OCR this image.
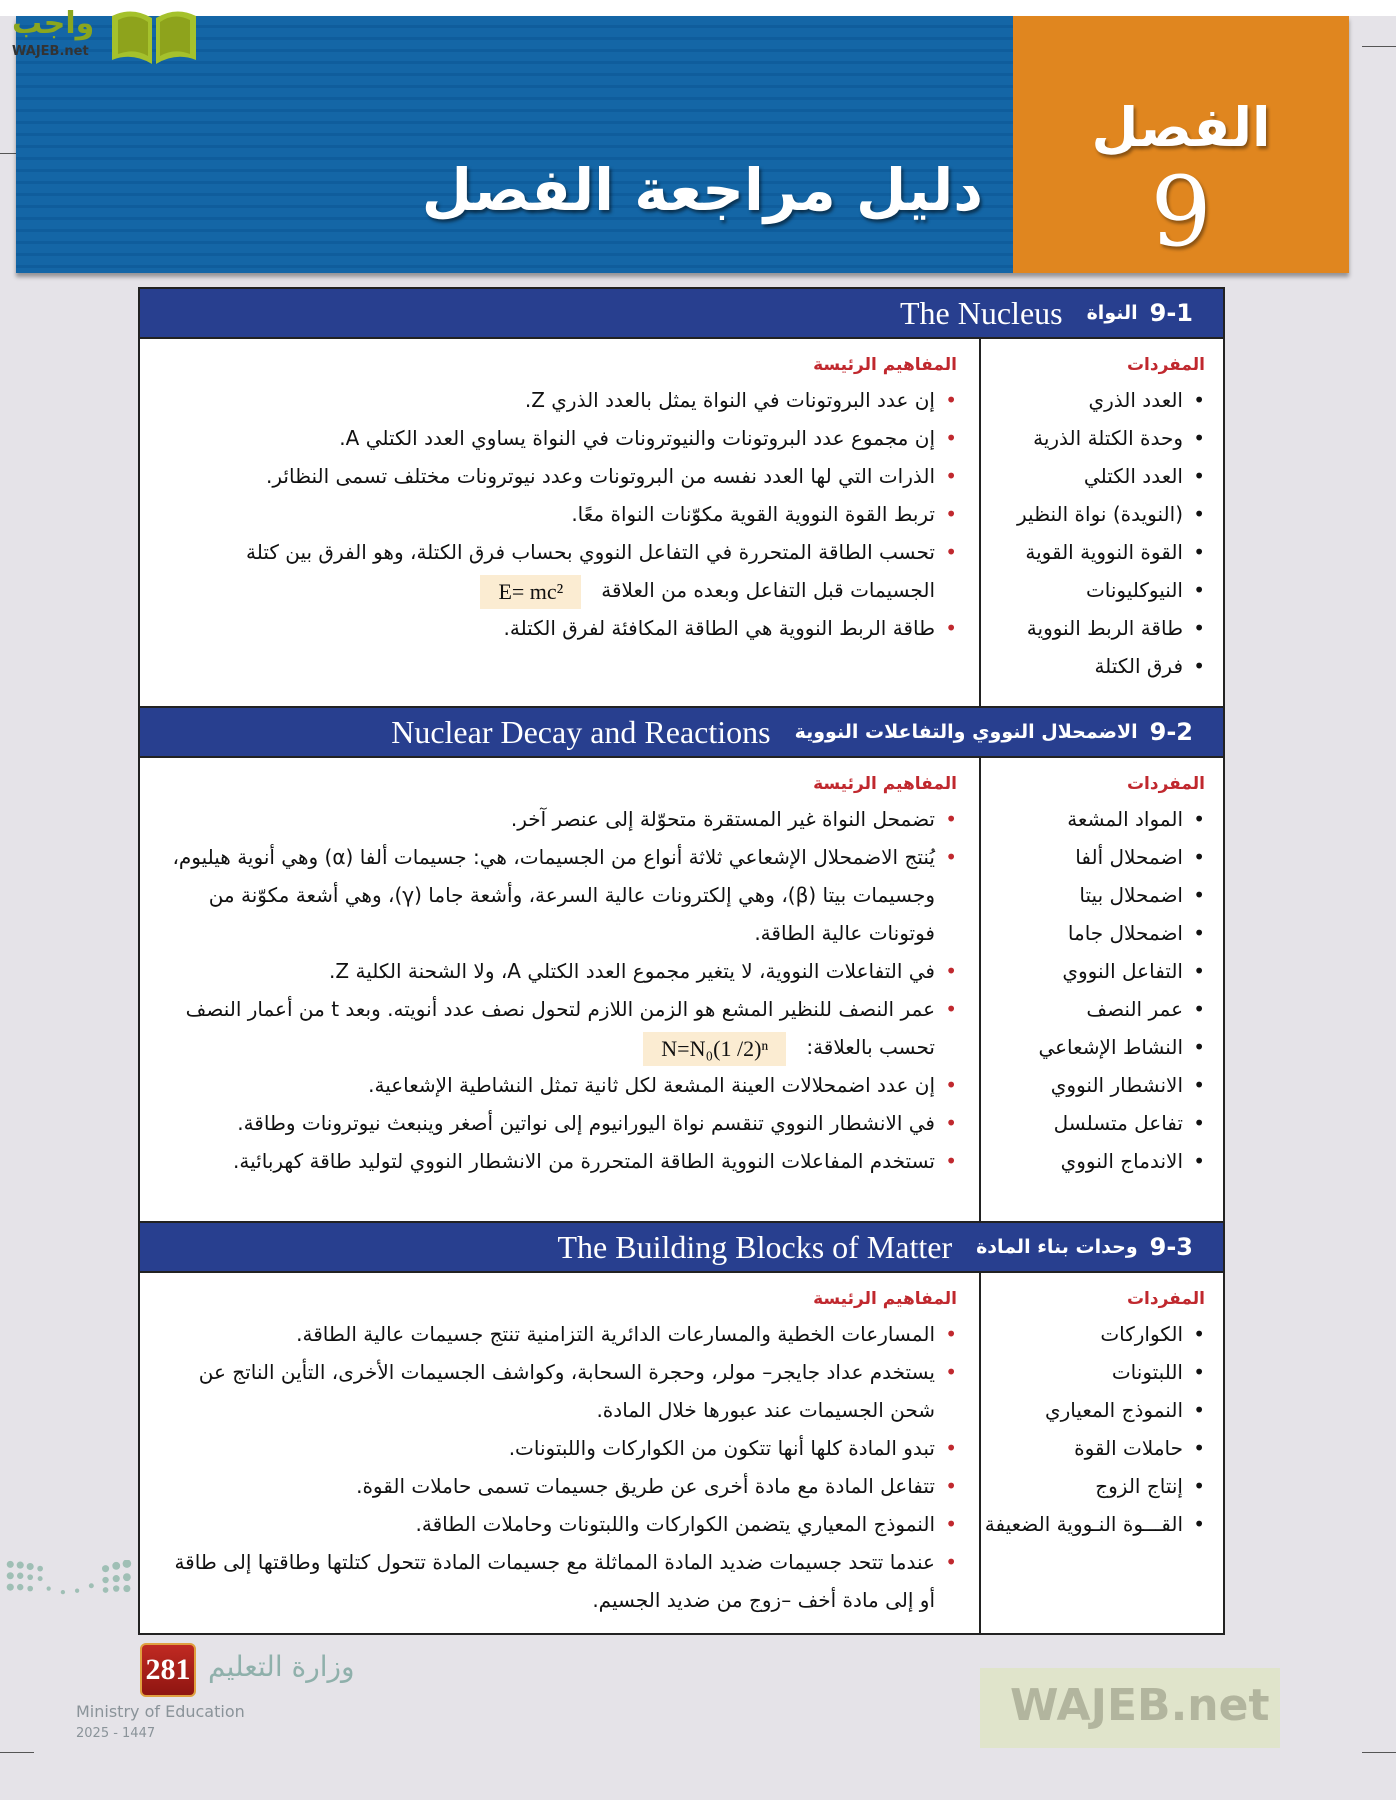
دليل مراجعة الفصل
الفصل
9
واجب
WAJEB.net
9-1
النواة
The Nucleus
المفردات
• العدد الذري
• وحدة الكتلة الذرية
• العدد الكتلي
• (النويدة) نواة النظير
• القوة النووية القوية
• النيوكليونات
• طاقة الربط النووية
• فرق الكتلة
المفاهيم الرئيسة
• إن عدد البروتونات في النواة يمثل بالعدد الذري Z.
• إن مجموع عدد البروتونات والنيوترونات في النواة يساوي العدد الكتلي A.
• الذرات التي لها العدد نفسه من البروتونات وعدد نيوترونات مختلف تسمى النظائر.
• تربط القوة النووية القوية مكوّنات النواة معًا.
• تحسب الطاقة المتحررة في التفاعل النووي بحساب فرق الكتلة، وهو الفرق بين كتلة الجسيمات قبل التفاعل وبعده من العلاقةE= mc²
• طاقة الربط النووية هي الطاقة المكافئة لفرق الكتلة.
9-2
الاضمحلال النووي والتفاعلات النووية
Nuclear Decay and Reactions
المفردات
• المواد المشعة
• اضمحلال ألفا
• اضمحلال بيتا
• اضمحلال جاما
• التفاعل النووي
• عمر النصف
• النشاط الإشعاعي
• الانشطار النووي
• تفاعل متسلسل
• الاندماج النووي
المفاهيم الرئيسة
• تضمحل النواة غير المستقرة متحوّلة إلى عنصر آخر.
• يُنتج الاضمحلال الإشعاعي ثلاثة أنواع من الجسيمات، هي: جسيمات ألفا (α) وهي أنوية هيليوم، وجسيمات بيتا (β)، وهي إلكترونات عالية السرعة، وأشعة جاما (γ)، وهي أشعة مكوّنة من فوتونات عالية الطاقة.
• في التفاعلات النووية، لا يتغير مجموع العدد الكتلي A، ولا الشحنة الكلية Z.
• عمر النصف للنظير المشع هو الزمن اللازم لتحول نصف عدد أنويته. وبعد t من أعمار النصف تحسب بالعلاقة:N=N₀(1 /2)ⁿ
• إن عدد اضمحلالات العينة المشعة لكل ثانية تمثل النشاطية الإشعاعية.
• في الانشطار النووي تنقسم نواة اليورانيوم إلى نواتين أصغر وينبعث نيوترونات وطاقة.
• تستخدم المفاعلات النووية الطاقة المتحررة من الانشطار النووي لتوليد طاقة كهربائية.
9-3
وحدات بناء المادة
The Building Blocks of Matter
المفردات
• الكواركات
• اللبتونات
• النموذج المعياري
• حاملات القوة
• إنتاج الزوج
• القـــوة النـووية الضعيفة
المفاهيم الرئيسة
• المسارعات الخطية والمسارعات الدائرية التزامنية تنتج جسيمات عالية الطاقة.
• يستخدم عداد جايجر– مولر، وحجرة السحابة، وكواشف الجسيمات الأخرى، التأين الناتج عن شحن الجسيمات عند عبورها خلال المادة.
• تبدو المادة كلها أنها تتكون من الكواركات واللبتونات.
• تتفاعل المادة مع مادة أخرى عن طريق جسيمات تسمى حاملات القوة.
• النموذج المعياري يتضمن الكواركات واللبتونات وحاملات الطاقة.
• عندما تتحد جسيمات ضديد المادة المماثلة مع جسيمات المادة تتحول كتلتها وطاقتها إلى طاقة أو إلى مادة أخف –زوج من ضديد الجسيم.
WAJEB.net
وزارة التعليم
Ministry of Education
2025 - 1447
281
